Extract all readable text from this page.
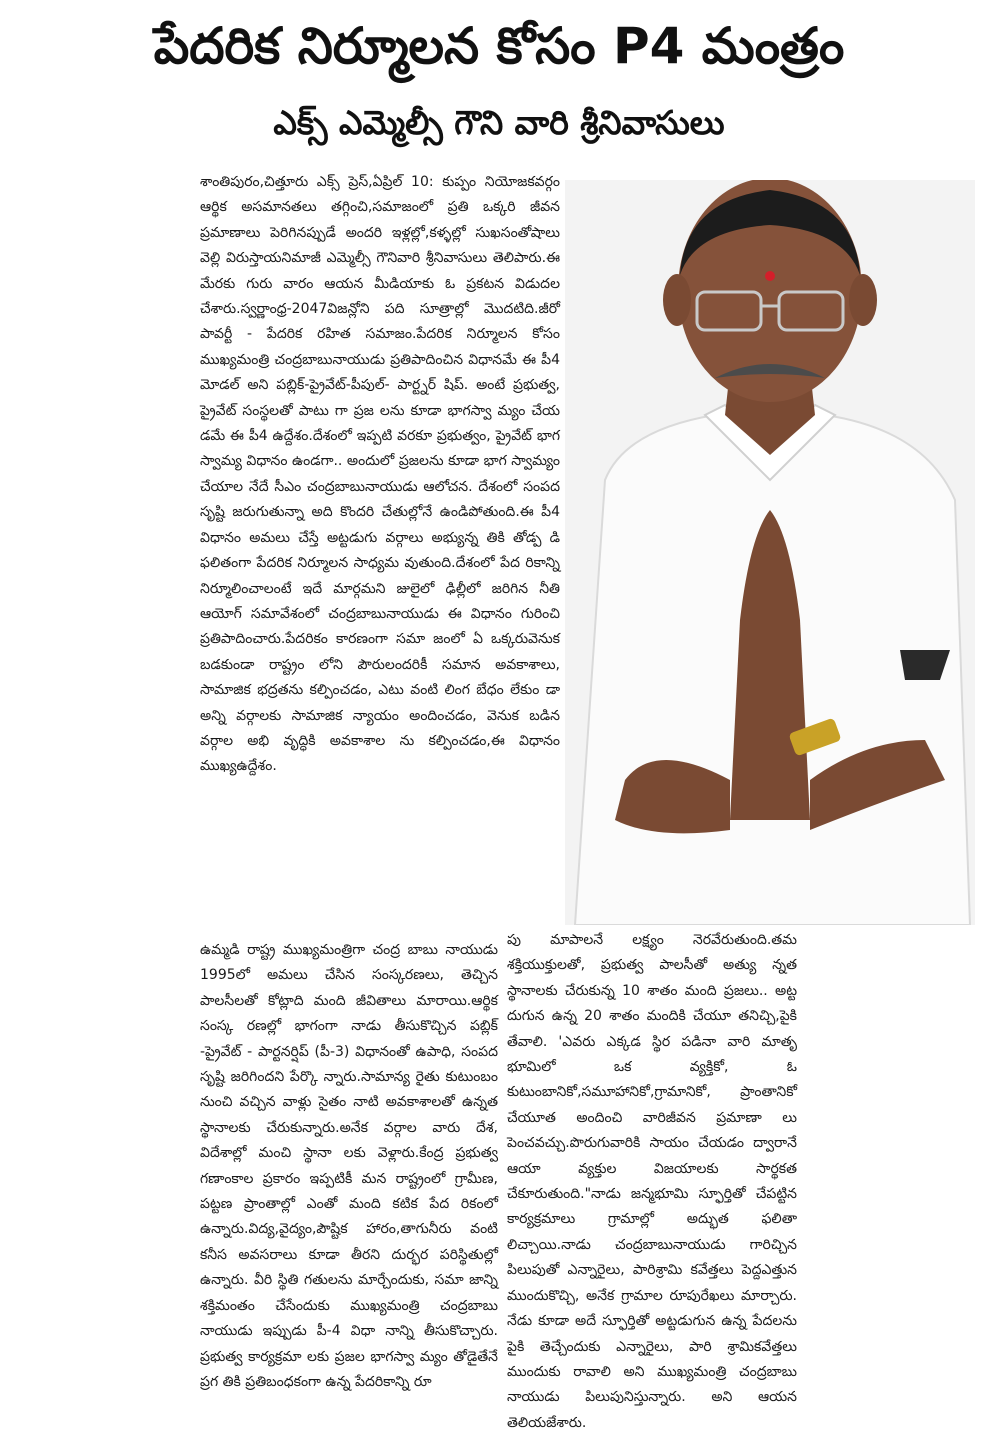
పేదరిక నిర్మూలన కోసం P4 మంత్రం
ఎక్స్ ఎమ్మెల్సీ గౌని వారి శ్రీనివాసులు
శాంతిపురం,చిత్తూరు ఎక్స్ ప్రెస్,ఏప్రిల్ 10: కుప్పం నియోజకవర్గం ఆర్థిక అసమానతలు తగ్గించి,సమాజంలో ప్రతి ఒక్కరి జీవన ప్రమాణాలు పెరిగినప్పుడే అందరి ఇళ్లల్లో,కళ్ళల్లో సుఖసంతోషాలు వెల్లి విరుస్తాయనిమాజీ ఎమ్మెల్సీ గౌనివారి శ్రీనివాసులు తెలిపారు.ఈ మేరకు గురు వారం ఆయన మీడియాకు ఓ ప్రకటన విడుదల చేశారు.స్వర్ణాంధ్ర-2047విజన్లోని పది సూత్రాల్లో మొదటిది.జీరో పావర్టీ - పేదరిక రహిత సమాజం.పేదరిక నిర్మూలన కోసం ముఖ్యమంత్రి చంద్రబాబునాయుడు ప్రతిపాదించిన విధానమే ఈ పీ4 మోడల్ అని పబ్లిక్-ప్రైవేట్-పీపుల్- పార్ట్నర్ షిప్. అంటే ప్రభుత్వ, ప్రైవేట్ సంస్థలతో పాటు గా ప్రజ లను కూడా భాగస్వా మ్యం చేయ డమే ఈ పీ4 ఉద్దేశం.దేశంలో ఇప్పటి వరకూ ప్రభుత్వం, ప్రైవేట్ భాగ స్వామ్య విధానం ఉండగా.. అందులో ప్రజలను కూడా భాగ స్వామ్యం చేయాల నేదే సీఎం చంద్రబాబునాయుడు ఆలోచన. దేశంలో సంపద సృష్టి జరుగుతున్నా అది కొందరి చేతుల్లోనే ఉండిపోతుంది.ఈ పీ4 విధానం అమలు చేస్తే అట్టడుగు వర్గాలు అభ్యున్న తికి తోడ్ప డి ఫలితంగా పేదరిక నిర్మూలన సాధ్యమ వుతుంది.దేశంలో పేద రికాన్ని నిర్మూలించాలంటే ఇదే మార్గమని జులైలో ఢిల్లీలో జరిగిన నీతి ఆయోగ్ సమావేశంలో చంద్రబాబునాయుడు ఈ విధానం గురించి ప్రతిపాదించారు.పేదరికం కారణంగా సమా జంలో ఏ ఒక్కరువెనుక బడకుండా రాష్ట్రం లోని పౌరులందరికీ సమాన అవకాశాలు, సామాజిక భద్రతను కల్పించడం, ఎటు వంటి లింగ బేధం లేకుం డా అన్ని వర్గాలకు సామాజిక న్యాయం అందించడం, వెనుక బడిన వర్గాల అభి వృద్ధికి అవకాశాల ను కల్పించడం,ఈ విధానం ముఖ్యఉద్దేశం.
ఉమ్మడి రాష్ట్ర ముఖ్యమంత్రిగా చంద్ర బాబు నాయుడు 1995లో అమలు చేసిన సంస్కరణలు, తెచ్చిన పాలసీలతో కోట్లాది మంది జీవితాలు మారాయి.ఆర్థిక సంస్క రణల్లో భాగంగా నాడు తీసుకొచ్చిన పబ్లిక్ -ప్రైవేట్ - పార్టనర్షిప్ (పీ-3) విధానంతో ఉపాధి, సంపద సృష్టి జరిగిందని పేర్కొ న్నారు.సామాన్య రైతు కుటుంబం నుంచి వచ్చిన వాళ్లు సైతం నాటి అవకాశాలతో ఉన్నత స్థానాలకు చేరుకున్నారు.అనేక వర్గాల వారు దేశ, విదేశాల్లో మంచి స్థానా లకు వెళ్లారు.కేంద్ర ప్రభుత్వ గణాంకాల ప్రకారం ఇప్పటికీ మన రాష్ట్రంలో గ్రామీణ, పట్టణ ప్రాంతాల్లో ఎంతో మంది కటిక పేద రికంలో ఉన్నారు.విద్య,వైద్యం,పౌష్టిక హారం,తాగునీరు వంటి కనీస అవసరాలు కూడా తీరని దుర్భర పరిస్థితుల్లో ఉన్నారు. వీరి స్థితి గతులను మార్చేందుకు, సమా జాన్ని శక్తిమంతం చేసేందుకు ముఖ్యమంత్రి చంద్రబాబు నాయుడు ఇప్పుడు పీ-4 విధా నాన్ని తీసుకొచ్చారు. ప్రభుత్వ కార్యక్రమా లకు ప్రజల భాగస్వా మ్యం తోడైతేనే ప్రగ తికి ప్రతిబంధకంగా ఉన్న పేదరికాన్ని రూ
పు మాపాలనే లక్ష్యం నెరవేరుతుంది.తమ శక్తియుక్తులతో, ప్రభుత్వ పాలసీతో అత్యు న్నత స్థానాలకు చేరుకున్న 10 శాతం మంది ప్రజలు.. అట్ట దుగున ఉన్న 20 శాతం మందికి చేయూ తనిచ్చి,పైకి తేవాలి. 'ఎవరు ఎక్కడ స్థిర పడినా వారి మాతృ భూమిలో ఒక వ్యక్తికో, ఓ కుటుంబానికో,సమూహానికో,గ్రామానికో, ప్రాంతానికో చేయూత అందించి వారిజీవన ప్రమాణా లు పెంచవచ్చు.పొరుగువారికి సాయం చేయడం ద్వారానే ఆయా వ్యక్తుల విజయాలకు సార్థకత చేకూరుతుంది."నాడు జన్మభూమి స్ఫూర్తితో చేపట్టిన కార్యక్రమాలు గ్రామాల్లో అద్భుత ఫలితా లిచ్చాయి.నాడు చంద్రబాబునాయుడు గారిచ్చిన పిలుపుతో ఎన్నారైలు, పారిశ్రామి కవేత్తలు పెద్దఎత్తున ముందుకొచ్చి, అనేక గ్రామాల రూపురేఖలు మార్చారు. నేడు కూడా అదే స్ఫూర్తితో అట్టడుగున ఉన్న పేదలను పైకి తెచ్చేందుకు ఎన్నారైలు, పారి శ్రామికవేత్తలు ముందుకు రావాలి అని ముఖ్యమంత్రి చంద్రబాబు నాయుడు పిలుపునిస్తున్నారు. అని ఆయన తెలియజేశారు.
